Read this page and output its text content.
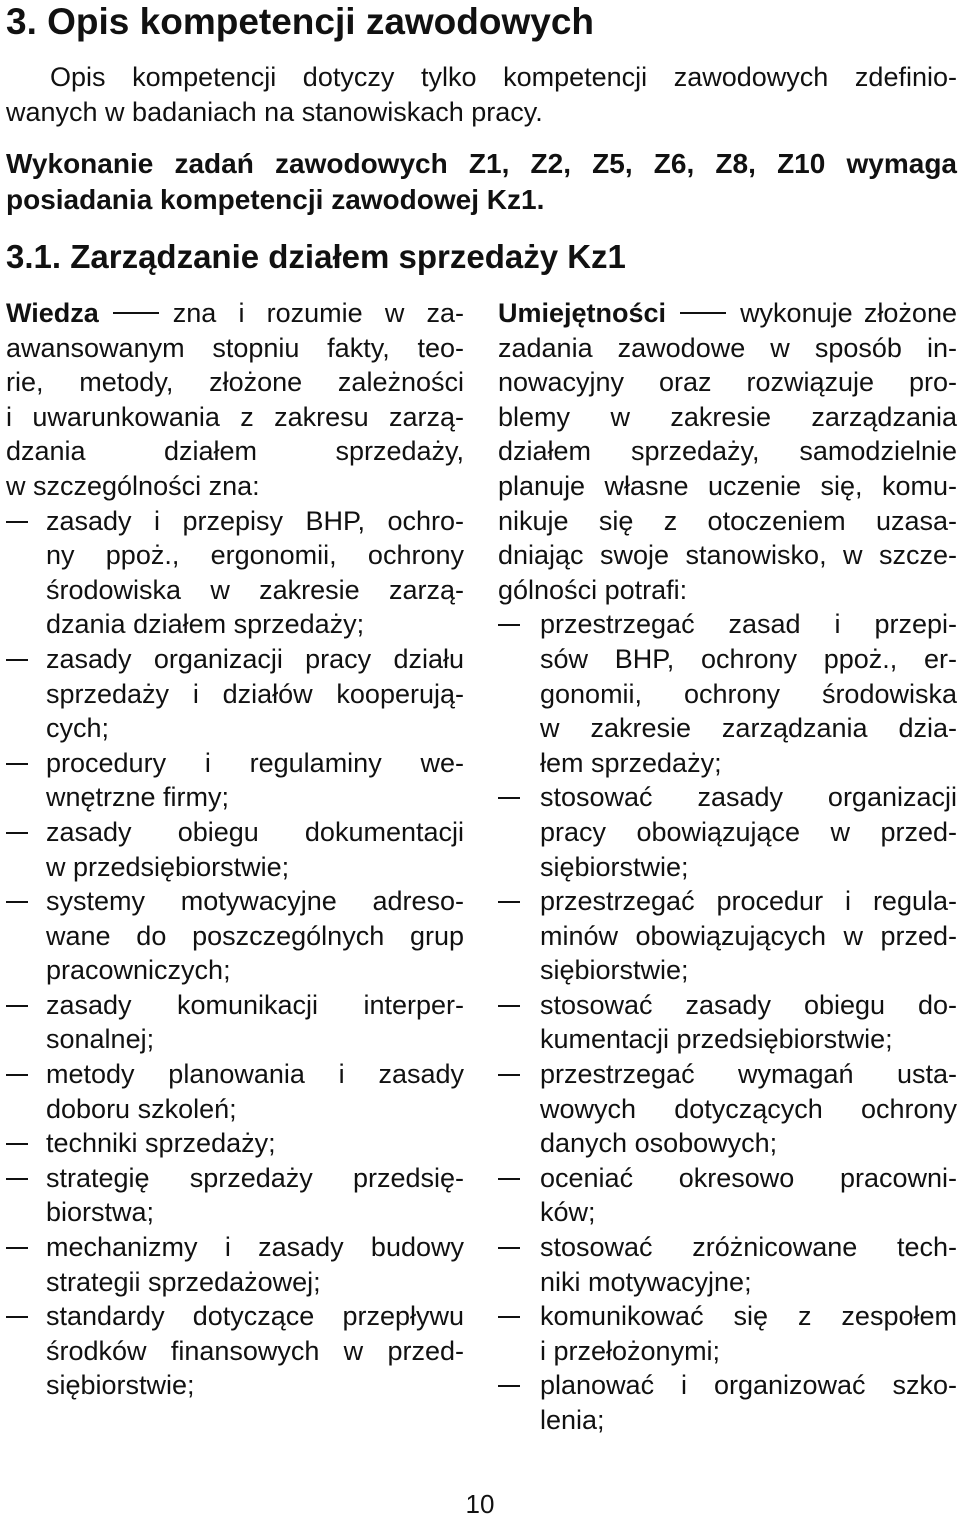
3. Opis kompetencji zawodowych

Opis kompetencji dotyczy tylko kompetencji zawodowych zdefinio-
wanych w badaniach na stanowiskach pracy.

Wykonanie zadań zawodowych Z1, Z2, Z5, Z6, Z8, Z10 wymaga
posiadania kompetencji zawodowej Kz1.

3.1. Zarządzanie działem sprzedaży Kz1

Wiedza	zna i rozumie w za-
awansowanym stopniu fakty, teo-
rie, metody, złożone zależności
i uwarunkowania z zakresu zarzą-
dzania działem sprzedaży,
w szczególności zna:

zasady i przepisy BHP, ochro-
ny ppoż., ergonomii, ochrony
środowiska w zakresie zarzą-
dzania działem sprzedaży;
zasady organizacji pracy działu
sprzedaży i działów kooperują-
cych;
procedury i regulaminy we-
wnętrzne firmy;
zasady obiegu dokumentacji
w przedsiębiorstwie;
systemy motywacyjne adreso-
wane do poszczególnych grup
pracowniczych;
zasady komunikacji interper-
sonalnej;
metody planowania i zasady
doboru szkoleń;
techniki sprzedaży;
strategię sprzedaży przedsię-
biorstwa;
mechanizmy i zasady budowy
strategii sprzedażowej;
standardy dotyczące przepływu
środków finansowych w przed-
siębiorstwie;

Umiejętności	wykonuje złożone
zadania zawodowe w sposób in-
nowacyjny oraz rozwiązuje pro-
blemy w zakresie zarządzania
działem sprzedaży, samodzielnie
planuje własne uczenie się, komu-
nikuje się z otoczeniem uzasa-
dniając swoje stanowisko, w szcze-
gólności potrafi:

przestrzegać zasad i przepi-
sów BHP, ochrony ppoż., er-
gonomii, ochrony środowiska
w zakresie zarządzania dzia-
łem sprzedaży;
stosować zasady organizacji
pracy obowiązujące w przed-
siębiorstwie;
przestrzegać procedur i regula-
minów obowiązujących w przed-
siębiorstwie;
stosować zasady obiegu do-
kumentacji przedsiębiorstwie;
przestrzegać wymagań usta-
wowych dotyczących ochrony
danych osobowych;
oceniać okresowo pracowni-
ków;
stosować zróżnicowane tech-
niki motywacyjne;
komunikować się z zespołem
i przełożonymi;
planować i organizować szko-
lenia;
10
